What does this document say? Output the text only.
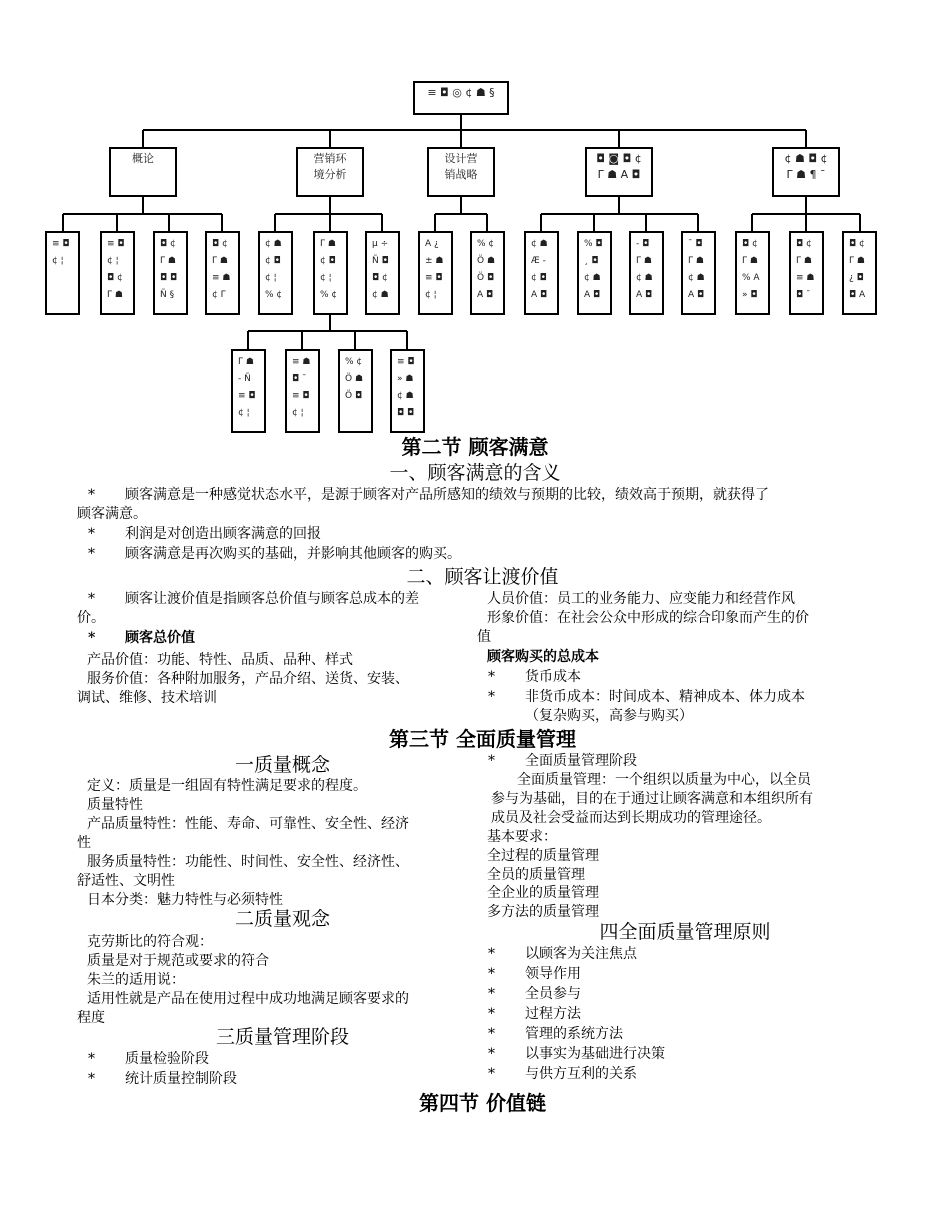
≡ ◘ ◎ ¢ ☗ §
概论	营销环
境分析
设计营
销战略
◘ ◙ ◘ ¢
Γ ☗ A ◘
¢ ☗ ◘ ¢
Γ ☗ ¶ ¯
≡ ◘
¢ ¦
≡ ◘
¢ ¦
◘ ¢
Γ ☗
◘ ¢
Γ ☗
◘ ◘
Ñ §
◘ ¢
Γ ☗
≡ ☗
¢ Γ
¢ ☗
¢ ◘
¢ ¦
% ¢
Γ ☗
¢ ◘
¢ ¦
% ¢
µ ÷
Ñ ◘
◘ ¢
¢ ☗
A ¿
± ☗
≡ ◘
¢ ¦
% ¢
Ö ☗
Ö ◘
A ◘
¢ ☗
Æ -
¢ ◘
A ◘
% ◘
¸ ◘
¢ ☗
A ◘
- ◘
Γ ☗
¢ ☗
A ◘
¯ ◘
Γ ☗
¢ ☗
A ◘
◘ ¢
Γ ☗
% A
» ◘
◘ ¢
Γ ☗
≡ ☗
◘ ¯
◘ ¢
Γ ☗
¿ ◘
◘ A
Γ ☗
- Ñ
≡ ◘
¢ ¦
≡ ☗
◘ ¯
≡ ◘
¢ ¦
% ¢
Ö ☗
Ö ◘
≡ ◘
» ☗
¢ ☗
◘ ◘
第二节 顾客满意
一、顾客满意的含义
* 顾客满意是一种感觉状态水平，是源于顾客对产品所感知的绩效与预期的比较，绩效高于预期，就获得了
顾客满意。
* 利润是对创造出顾客满意的回报
* 顾客满意是再次购买的基础，并影响其他顾客的购买。
二、顾客让渡价值
* 顾客让渡价值是指顾客总价值与顾客总成本的差
价。
* 顾客总价值
产品价值：功能、特性、品质、品种、样式
服务价值：各种附加服务，产品介绍、送货、安装、
调试、维修、技术培训
人员价值：员工的业务能力、应变能力和经营作风
形象价值：在社会公众中形成的综合印象而产生的价
值
顾客购买的总成本
* 货币成本
* 非货币成本：时间成本、精神成本、体力成本
（复杂购买，高参与购买）
第三节 全面质量管理
一质量概念
定义：质量是一组固有特性满足要求的程度。
质量特性
产品质量特性：性能、寿命、可靠性、安全性、经济
性
服务质量特性：功能性、时间性、安全性、经济性、
舒适性、文明性
日本分类：魅力特性与必须特性
二质量观念
克劳斯比的符合观：
质量是对于规范或要求的符合
朱兰的适用说：
适用性就是产品在使用过程中成功地满足顾客要求的
程度
三质量管理阶段
* 质量检验阶段
* 统计质量控制阶段
* 全面质量管理阶段
全面质量管理：一个组织以质量为中心，以全员
参与为基础，目的在于通过让顾客满意和本组织所有
成员及社会受益而达到长期成功的管理途径。
基本要求：
全过程的质量管理
全员的质量管理
全企业的质量管理
多方法的质量管理
四全面质量管理原则
* 以顾客为关注焦点
* 领导作用
* 全员参与
* 过程方法
* 管理的系统方法
* 以事实为基础进行决策
* 与供方互利的关系
第四节 价值链
